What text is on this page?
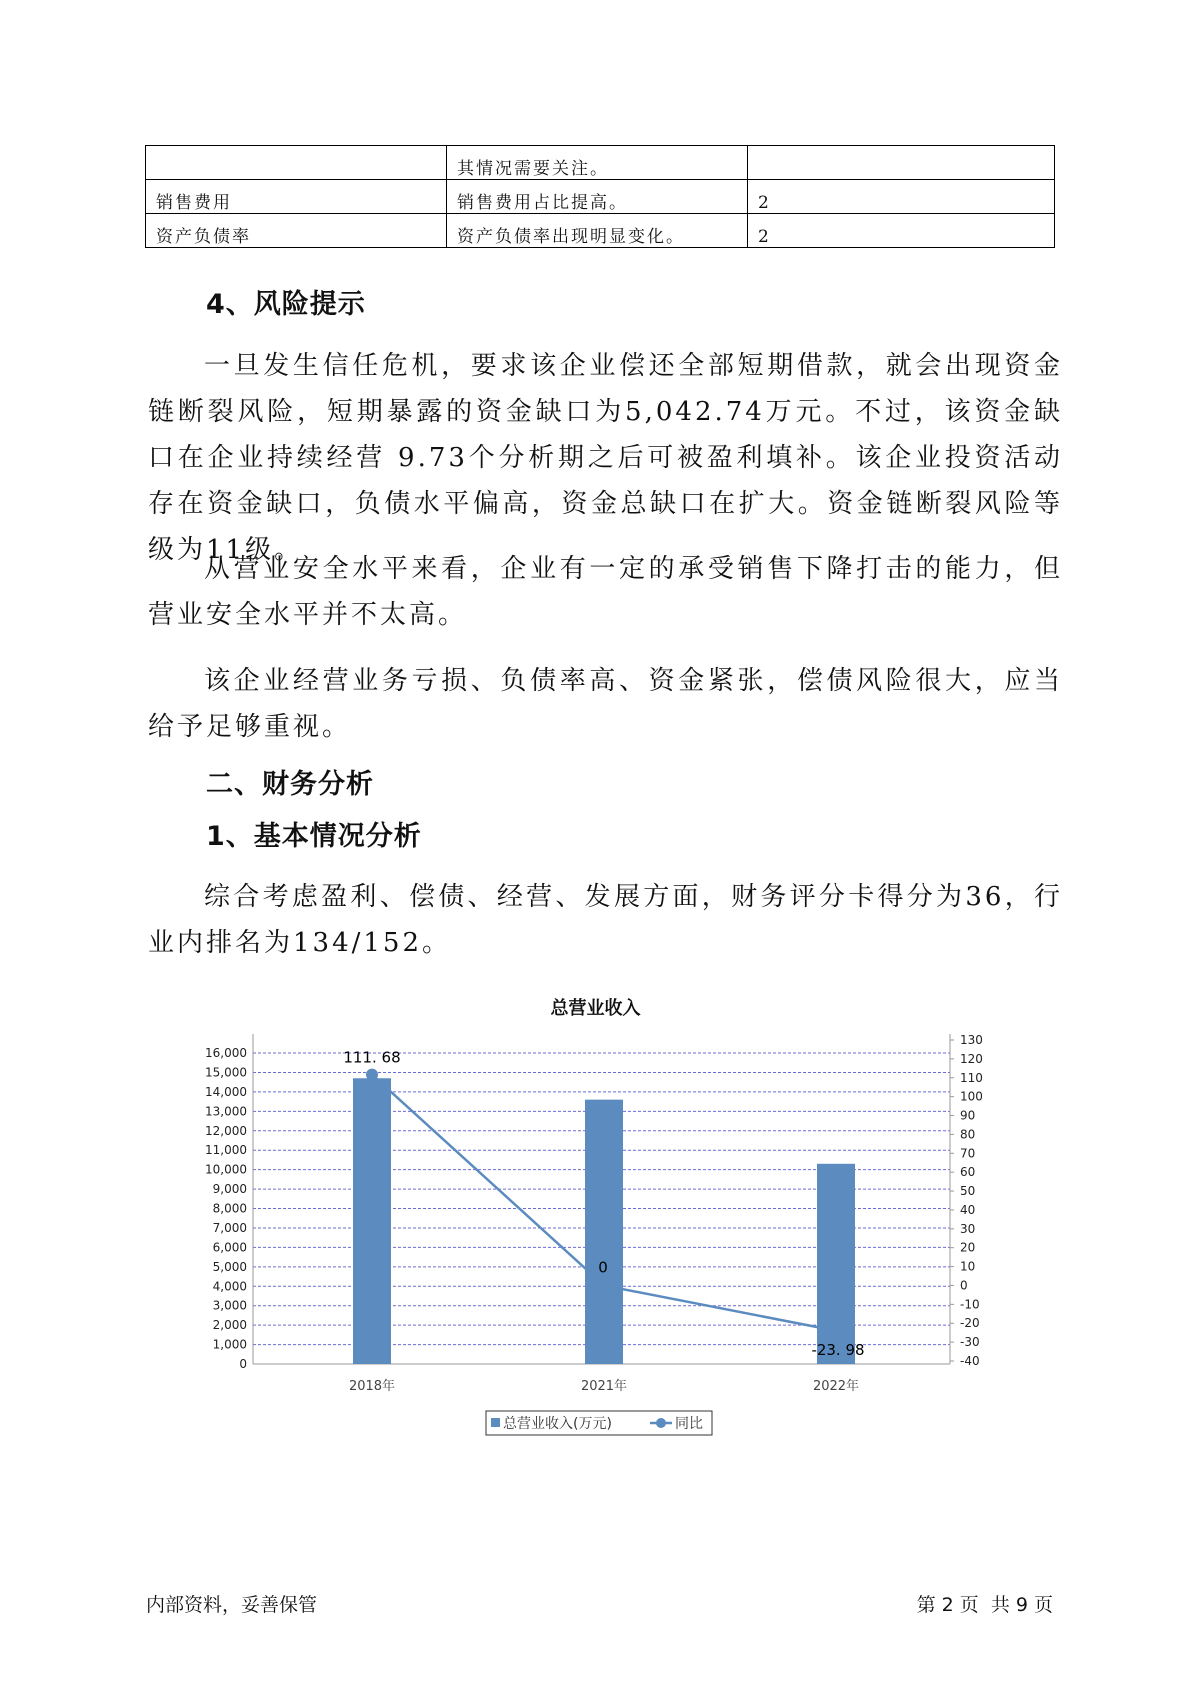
	其情况需要关注。	
销售费用	销售费用占比提高。	2
资产负债率	资产负债率出现明显变化。	2
4、风险提示
一旦发生信任危机，要求该企业偿还全部短期借款，就会出现资金链断裂风险，短期暴露的资金缺口为5,042.74万元。不过，该资金缺口在企业持续经营 9.73个分析期之后可被盈利填补。该企业投资活动存在资金缺口，负债水平偏高，资金总缺口在扩大。资金链断裂风险等级为11级。
从营业安全水平来看，企业有一定的承受销售下降打击的能力，但营业安全水平并不太高。
该企业经营业务亏损、负债率高、资金紧张，偿债风险很大，应当给予足够重视。
二、财务分析
1、基本情况分析
综合考虑盈利、偿债、经营、发展方面，财务评分卡得分为36，行业内排名为134/152。
总营业收入
0
1,000
2,000
3,000
4,000
5,000
6,000
7,000
8,000
9,000
10,000
11,000
12,000
13,000
14,000
15,000
16,000
-40
-30
-20
-10
0
10
20
30
40
50
60
70
80
90
100
110
120
130
2018年	2021年	2022年
111. 68
0
-23. 98
总营业收入(万元)	同比
内部资料，妥善保管	第 2 页  共 9 页
